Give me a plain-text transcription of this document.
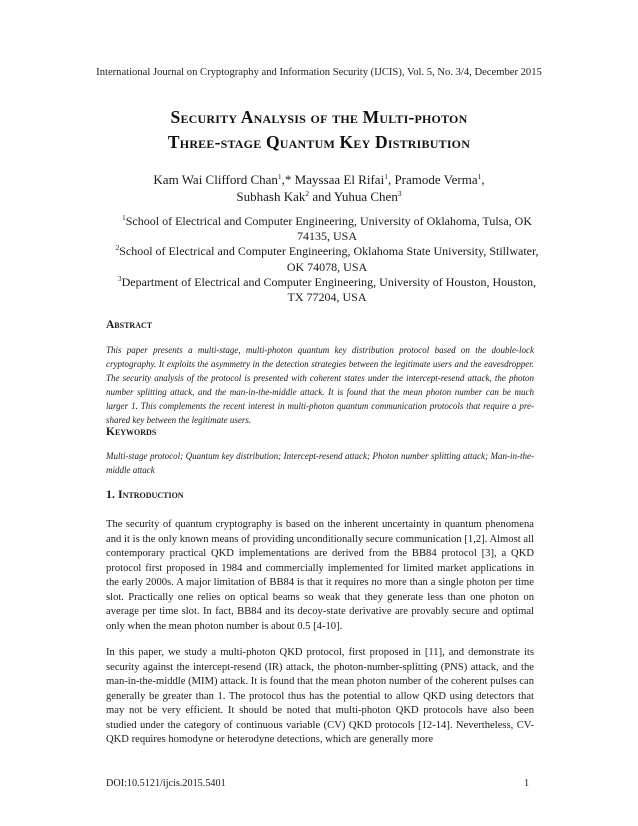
International Journal on Cryptography and Information Security (IJCIS), Vol. 5, No. 3/4, December 2015
Security Analysis of the Multi-photon
Three-stage Quantum Key Distribution
Kam Wai Clifford Chan$^1$,* Mayssaa El Rifai$^1$, Pramode Verma$^1$,
Subhash Kak$^2$ and Yuhua Chen$^3$
$^1$School of Electrical and Computer Engineering, University of Oklahoma, Tulsa, OK 74135, USA
$^2$School of Electrical and Computer Engineering, Oklahoma State University, Stillwater, OK 74078, USA
$^3$Department of Electrical and Computer Engineering, University of Houston, Houston, TX 77204, USA
Abstract
This paper presents a multi-stage, multi-photon quantum key distribution protocol based on the double-lock cryptography. It exploits the asymmetry in the detection strategies between the legitimate users and the eavesdropper. The security analysis of the protocol is presented with coherent states under the intercept-resend attack, the photon number splitting attack, and the man-in-the-middle attack. It is found that the mean photon number can be much larger 1. This complements the recent interest in multi-photon quantum communication protocols that require a pre-shared key between the legitimate users.
Keywords
Multi-stage protocol; Quantum key distribution; Intercept-resend attack; Photon number splitting attack; Man-in-the-middle attack
1. Introduction
The security of quantum cryptography is based on the inherent uncertainty in quantum phenomena and it is the only known means of providing unconditionally secure communication [1,2]. Almost all contemporary practical QKD implementations are derived from the BB84 protocol [3], a QKD protocol first proposed in 1984 and commercially implemented for limited market applications in the early 2000s. A major limitation of BB84 is that it requires no more than a single photon per time slot. Practically one relies on optical beams so weak that they generate less than one photon on average per time slot. In fact, BB84 and its decoy-state derivative are provably secure and optimal only when the mean photon number is about 0.5 [4-10].
In this paper, we study a multi-photon QKD protocol, first proposed in [11], and demonstrate its security against the intercept-resend (IR) attack, the photon-number-splitting (PNS) attack, and the man-in-the-middle (MIM) attack. It is found that the mean photon number of the coherent pulses can generally be greater than 1. The protocol thus has the potential to allow QKD using detectors that may not be very efficient. It should be noted that multi-photon QKD protocols have also been studied under the category of continuous variable (CV) QKD protocols [12-14]. Nevertheless, CV-QKD requires homodyne or heterodyne detections, which are generally more
DOI:10.5121/ijcis.2015.5401	1
